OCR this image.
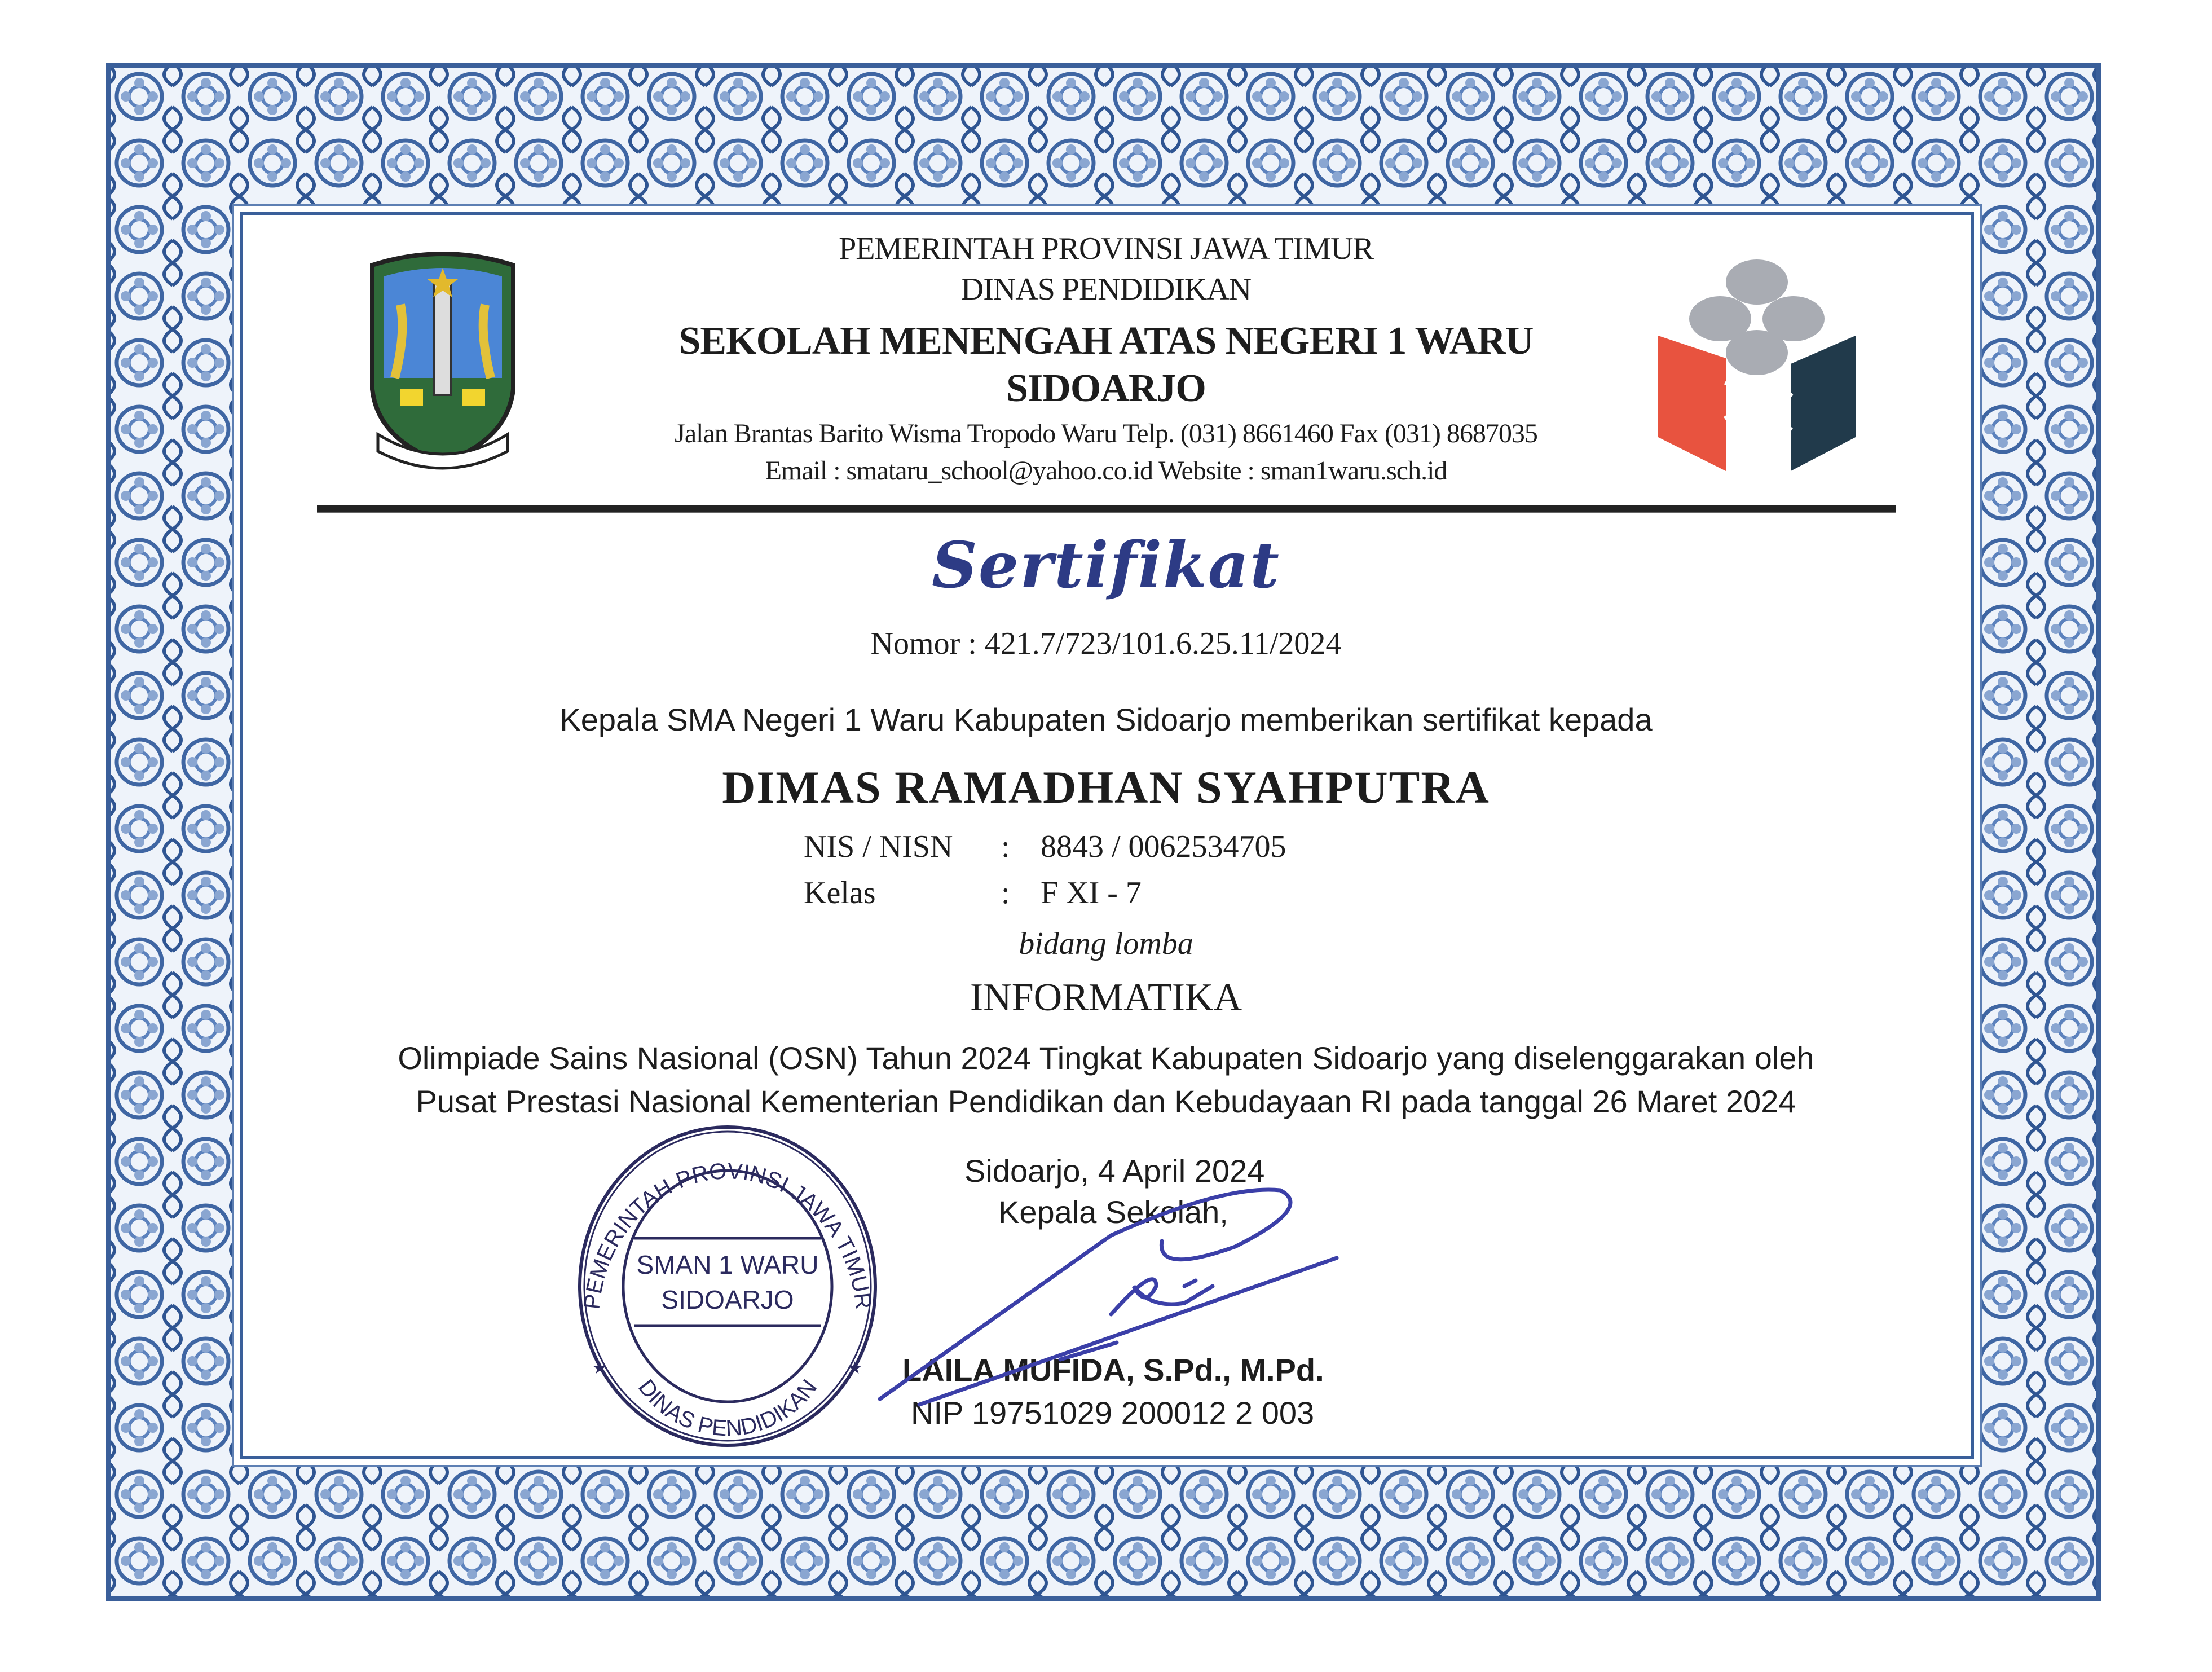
PEMERINTAH PROVINSI JAWA TIMUR
DINAS PENDIDIKAN
SEKOLAH MENENGAH ATAS NEGERI 1 WARU
SIDOARJO
Jalan Brantas Barito Wisma Tropodo Waru Telp. (031) 8661460 Fax (031) 8687035
Email : smataru_school@yahoo.co.id Website : sman1waru.sch.id
Sertifikat
Nomor : 421.7/723/101.6.25.11/2024
Kepala SMA Negeri 1 Waru Kabupaten Sidoarjo memberikan sertifikat kepada
DIMAS RAMADHAN SYAHPUTRA
NIS / NISN : 8843 / 0062534705
Kelas	: F XI - 7
bidang lomba
INFORMATIKA
Olimpiade Sains Nasional (OSN) Tahun 2024 Tingkat Kabupaten Sidoarjo yang diselenggarakan oleh
Pusat Prestasi Nasional Kementerian Pendidikan dan Kebudayaan RI pada tanggal 26 Maret 2024
Sidoarjo, 4 April 2024
Kepala Sekolah,
LAILA MUFIDA, S.Pd., M.Pd.
NIP 19751029 200012 2 003
PEMERINTAH PROVINSI JAWA TIMUR
DINAS PENDIDIKAN
SMAN 1 WARU
SIDOARJO
★	★
